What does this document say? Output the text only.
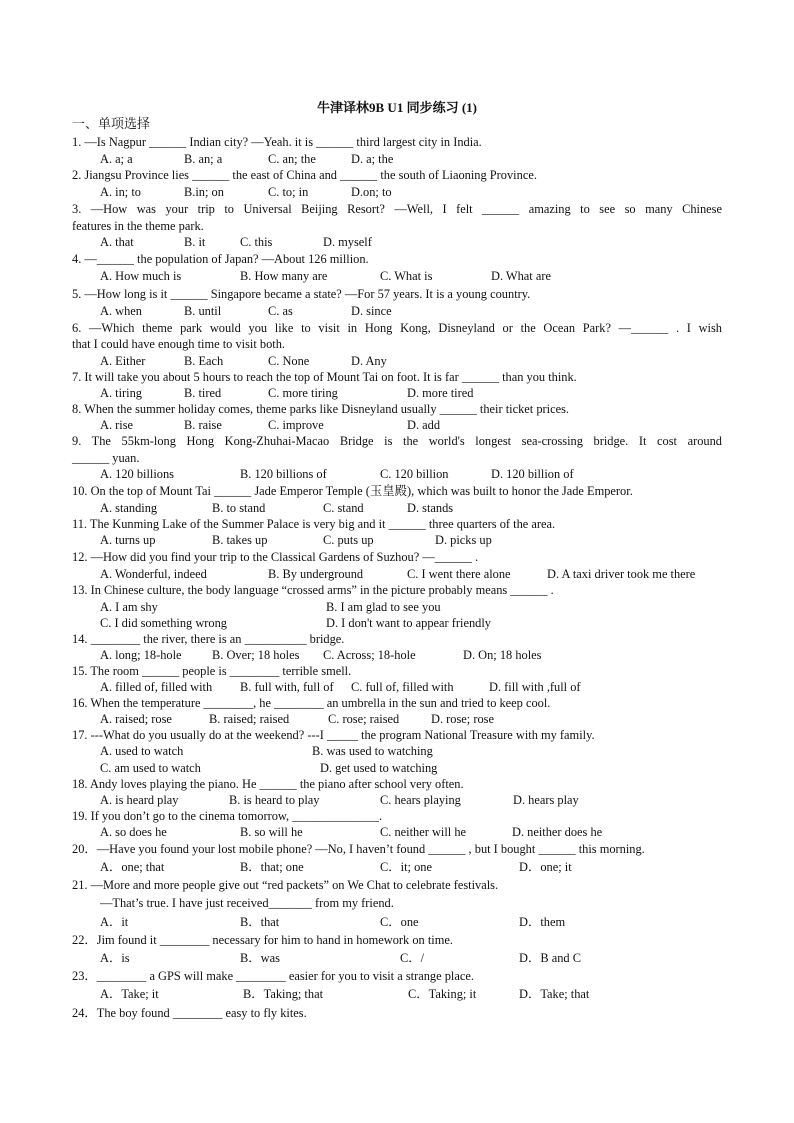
牛津译林9B U1 同步练习 (1)
一、单项选择
1. —Is Nagpur ______ Indian city? —Yeah. it is ______ third largest city in India.
A. a; a	B. an; a	C. an; the	D. a; the
2. Jiangsu Province lies ______ the east of China and ______ the south of Liaoning Province.
A. in; to	B.in; on	C. to; in	D.on; to
3. —How was your trip to Universal Beijing Resort? —Well, I felt ______ amazing to see so many Chinese
features in the theme park.
A. that	B. it	C. this	D. myself
4. —______ the population of Japan? —About 126 million.
A. How much is	B. How many are	C. What is	D. What are
5. —How long is it ______ Singapore became a state? —For 57 years. It is a young country.
A. when	B. until	C. as	D. since
6. —Which theme park would you like to visit in Hong Kong, Disneyland or the Ocean Park? —______ . I wish
that I could have enough time to visit both.
A. Either	B. Each	C. None	D. Any
7. It will take you about 5 hours to reach the top of Mount Tai on foot. It is far ______ than you think.
A. tiring	B. tired	C. more tiring	D. more tired
8. When the summer holiday comes, theme parks like Disneyland usually ______ their ticket prices.
A. rise	B. raise	C. improve	D. add
9. The 55km-long Hong Kong-Zhuhai-Macao Bridge is the world's longest sea-crossing bridge. It cost around
______ yuan.
A. 120 billions	B. 120 billions of	C. 120 billion	D. 120 billion of
10. On the top of Mount Tai ______ Jade Emperor Temple (玉皇殿), which was built to honor the Jade Emperor.
A. standing	B. to stand	C. stand	D. stands
11. The Kunming Lake of the Summer Palace is very big and it ______ three quarters of the area.
A. turns up	B. takes up	C. puts up	D. picks up
12. —How did you find your trip to the Classical Gardens of Suzhou? —______ .
A. Wonderful, indeed	B. By underground	C. I went there alone	D. A taxi driver took me there
13. In Chinese culture, the body language “crossed arms” in the picture probably means ______ .
A. I am shy	B. I am glad to see you
C. I did something wrong	D. I don't want to appear friendly
14. ________ the river, there is an __________ bridge.
A. long; 18-hole B. Over; 18 holes C. Across; 18-hole	D. On; 18 holes
15. The room ______ people is ________ terrible smell.
A. filled of, filled with B. full with, full of C. full of, filled with	D. fill with ,full of
16. When the temperature ________, he ________ an umbrella in the sun and tried to keep cool.
A. raised; rose	B. raised; raised	C. rose; raised	D. rose; rose
17. ---What do you usually do at the weekend? ---I _____ the program National Treasure with my family.
A. used to watch	B. was used to watching
C. am used to watch	D. get used to watching
18. Andy loves playing the piano. He ______ the piano after school very often.
A. is heard play	B. is heard to play	C. hears playing	D. hears play
19. If you don’t go to the cinema tomorrow, ______________.
A. so does he	B. so will he	C. neither will he	D. neither does he
20．—Have you found your lost mobile phone? —No, I haven’t found ______ , but I bought ______ this morning.
A．one; that	B．that; one	C．it; one	D．one; it
21. —More and more people give out “red packets” on We Chat to celebrate festivals.
—That’s true. I have just received_______ from my friend.
A．it	B．that	C．one	D．them
22．Jim found it ________ necessary for him to hand in homework on time.
A．is	B．was	C．/	D．B and C
23．________ a GPS will make ________ easier for you to visit a strange place.
A．Take; it	B．Taking; that	C．Taking; it	D．Take; that
24．The boy found ________ easy to fly kites.
